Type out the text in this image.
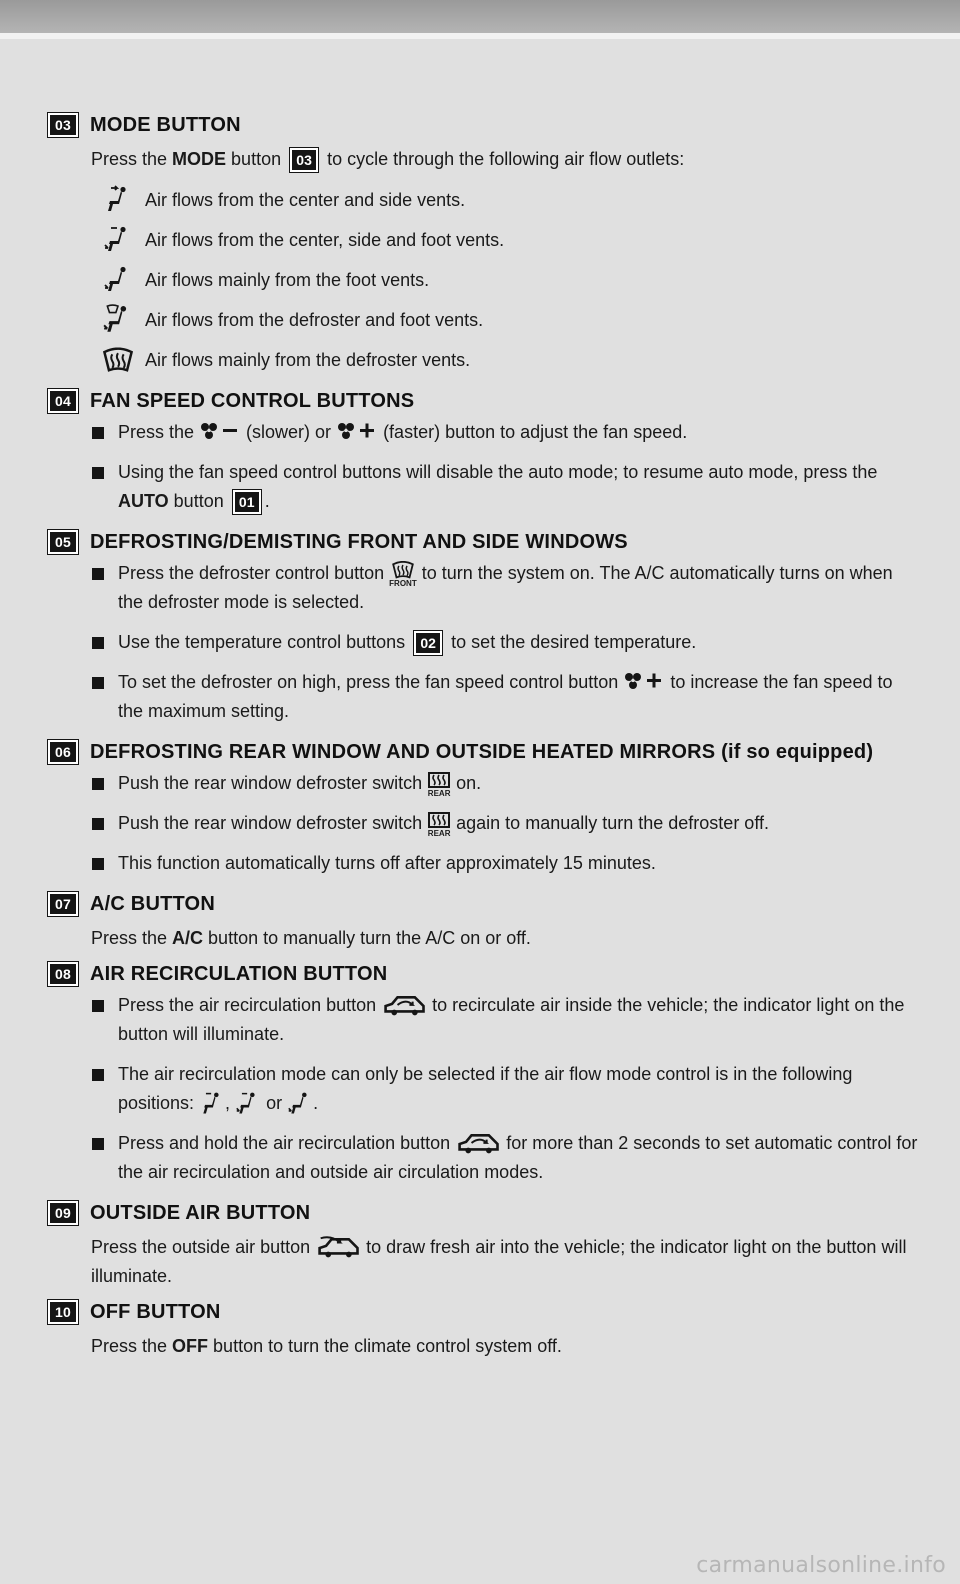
03 MODE BUTTON
Press the MODE button 03 to cycle through the following air flow outlets:
Air flows from the center and side vents.
Air flows from the center, side and foot vents.
Air flows mainly from the foot vents.
Air flows from the defroster and foot vents.
Air flows mainly from the defroster vents.
04 FAN SPEED CONTROL BUTTONS
Press the  (slower) or  (faster) button to adjust the fan speed.
Using the fan speed control buttons will disable the auto mode; to resume auto mode, press the AUTO button 01 .
05 DEFROSTING/DEMISTING FRONT AND SIDE WINDOWS
Press the defroster control button
FRONT
to turn the system on. The A/C automatically turns on when the defroster mode is selected.
Use the temperature control buttons 02 to set the desired temperature.
To set the defroster on high, press the fan speed control button  to increase the fan speed to the maximum setting.
06 DEFROSTING REAR WINDOW AND OUTSIDE HEATED MIRRORS (if so equipped)
Push the rear window defroster switch
REAR
on.
Push the rear window defroster switch
REAR
again to manually turn the defroster off.
This function automatically turns off after approximately 15 minutes.
07 A/C BUTTON
Press the A/C button to manually turn the A/C on or off.
08 AIR RECIRCULATION BUTTON
Press the air recirculation button	to recirculate air inside the vehicle; the indicator light on the button will illuminate.
The air recirculation mode can only be selected if the air flow mode control is in the following positions: ,  or .
Press and hold the air recirculation button	for more than 2 seconds to set automatic control for the air recirculation and outside air circulation modes.
09 OUTSIDE AIR BUTTON
Press the outside air button	to draw fresh air into the vehicle; the indicator light on the button will illuminate.
10 OFF BUTTON
Press the OFF button to turn the climate control system off.
carmanualsonline.info
